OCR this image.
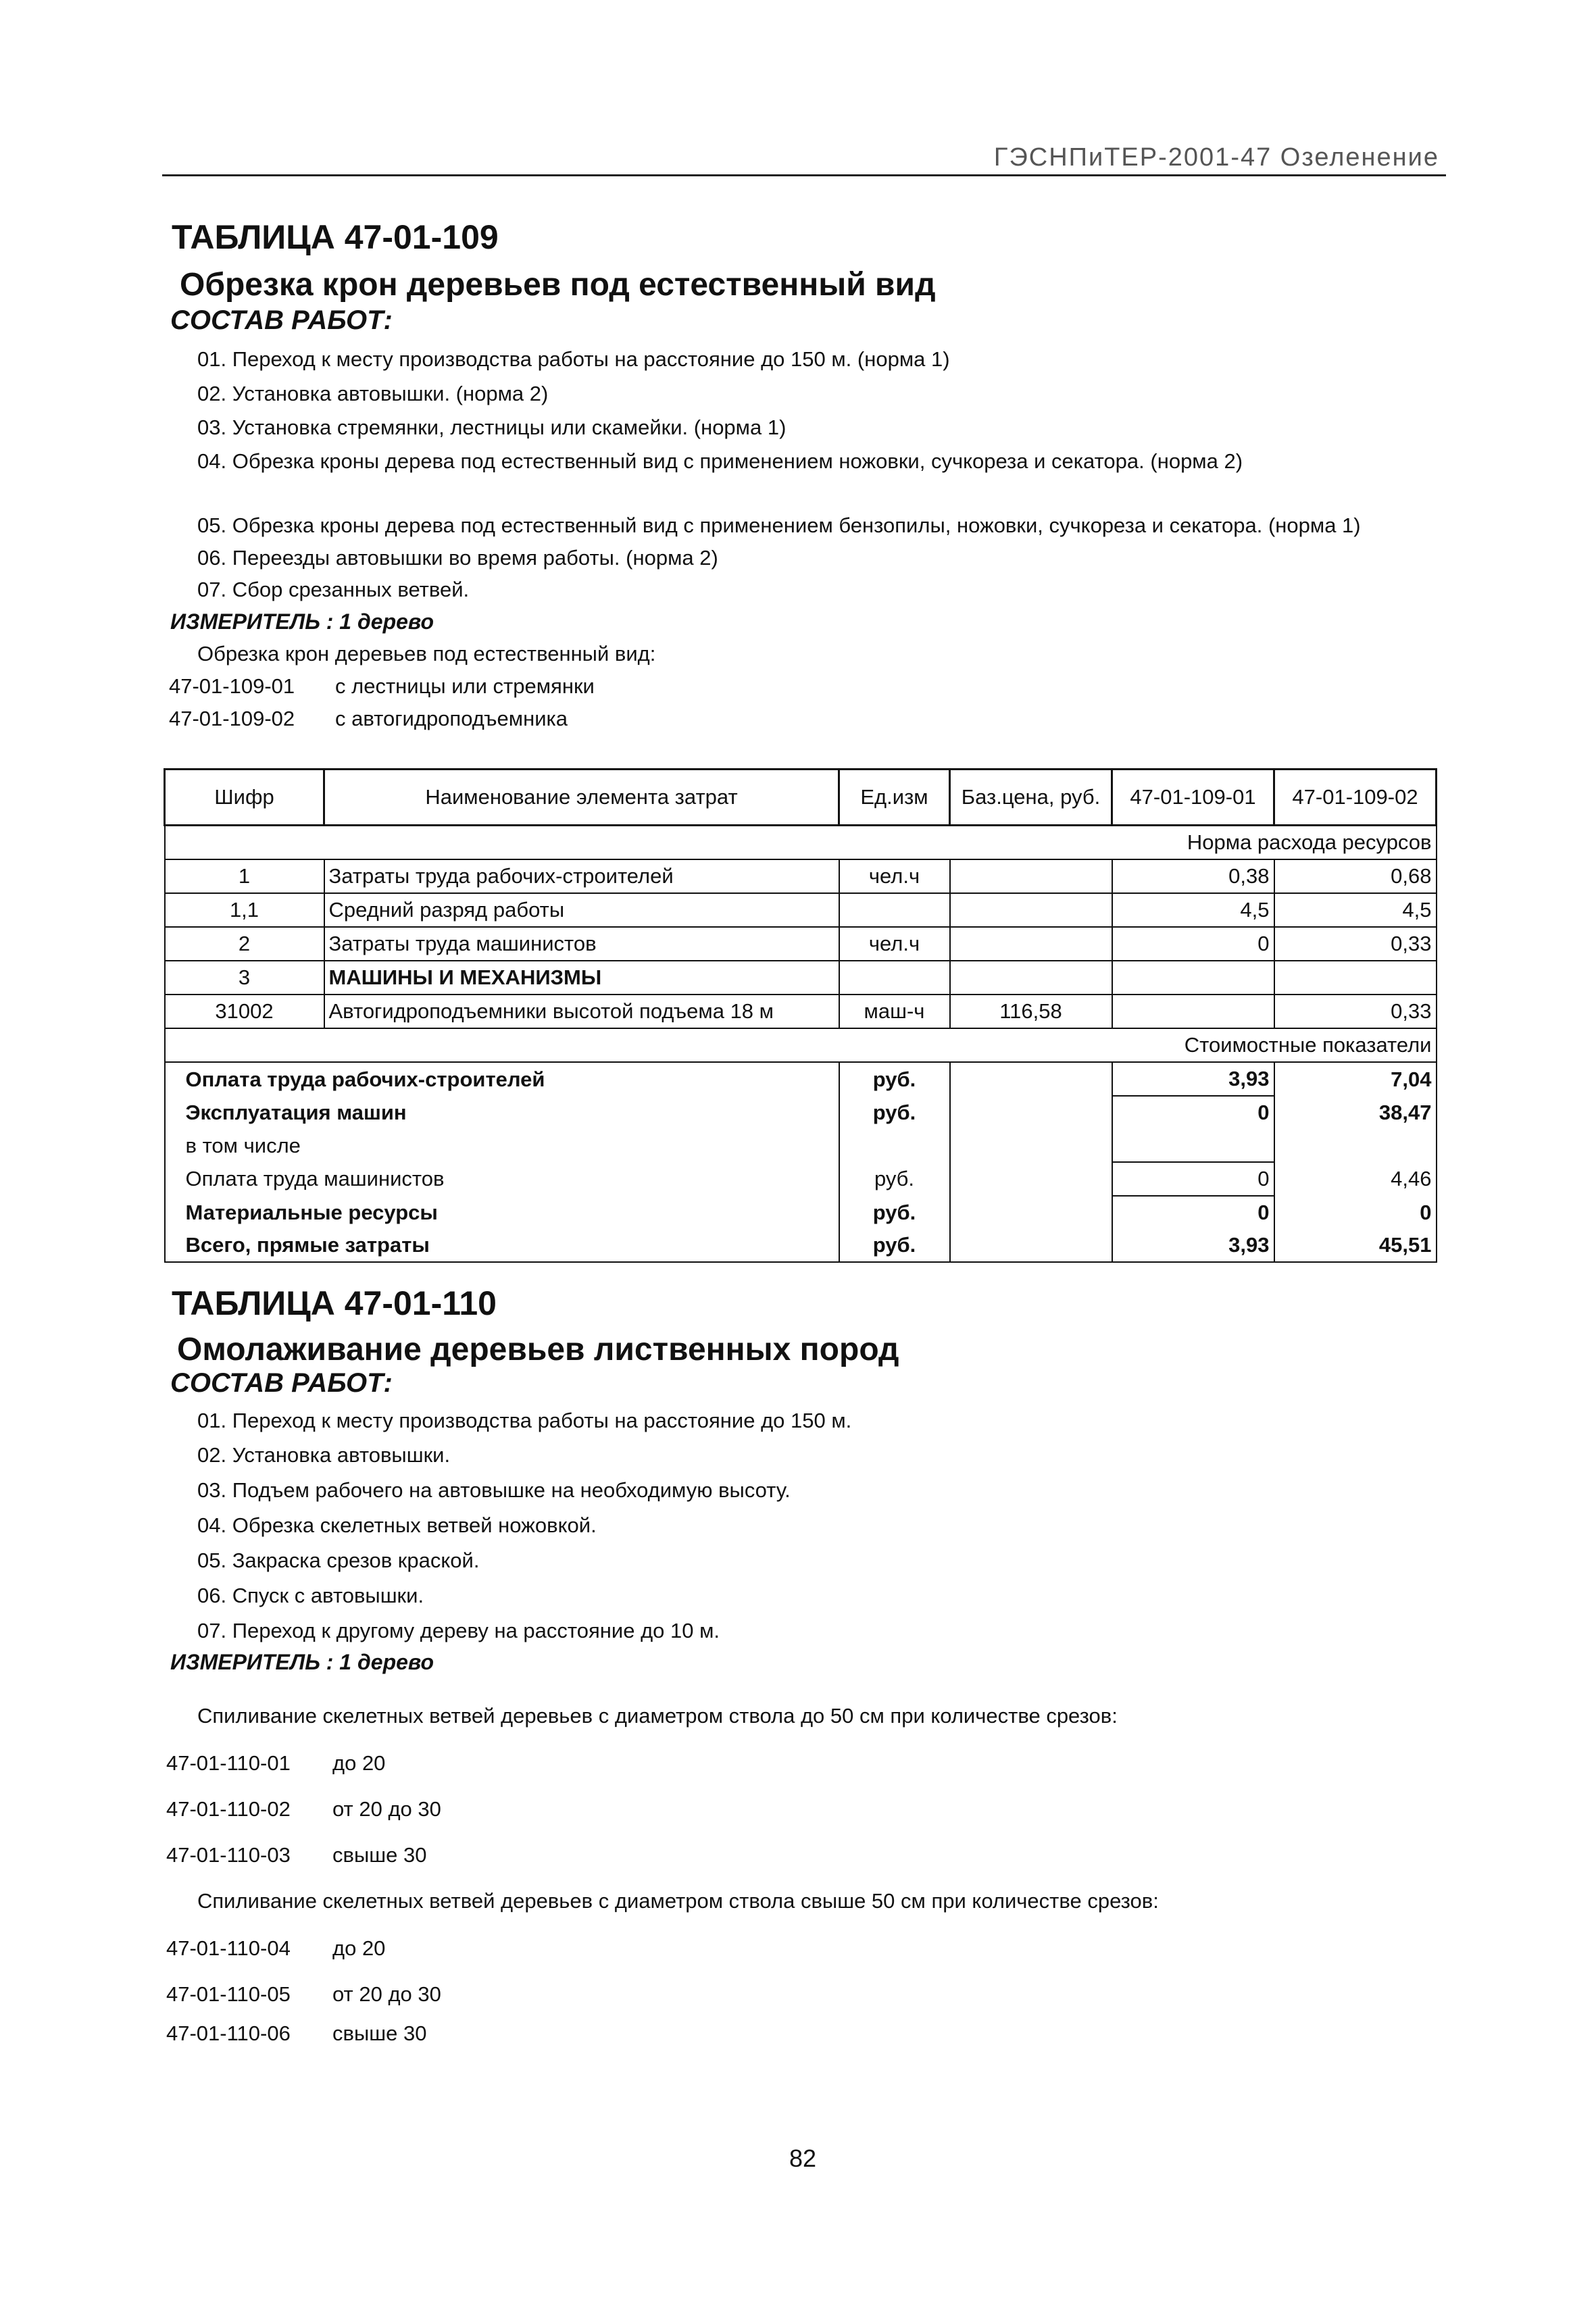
ГЭСНПиТЕР-2001-47 Озеленение
ТАБЛИЦА 47-01-109
Обрезка крон деревьев под естественный вид
СОСТАВ РАБОТ:
01. Переход к месту производства работы на расстояние до 150 м. (норма 1)
02. Установка автовышки. (норма 2)
03. Установка стремянки, лестницы или скамейки. (норма 1)
04. Обрезка кроны дерева под естественный вид с применением ножовки, сучкореза и секатора. (норма 2)
05. Обрезка кроны дерева под естественный вид с применением бензопилы, ножовки, сучкореза и секатора. (норма 1)
06. Переезды автовышки во время работы. (норма 2)
07. Сбор срезанных ветвей.
ИЗМЕРИТЕЛЬ : 1 дерево
Обрезка крон деревьев под естественный вид:
47-01-109-01 с лестницы или стремянки
47-01-109-02 с автогидроподъемника
Шифр	Наименование элемента затрат	Ед.изм	Баз.цена, руб.	47-01-109-01	47-01-109-02
Норма расхода ресурсов					
1	Затраты труда рабочих-строителей	чел.ч		0,38	0,68
1,1	Средний разряд работы			4,5	4,5
2	Затраты труда машинистов	чел.ч		0	0,33
3	МАШИНЫ И МЕХАНИЗМЫ				
31002	Автогидроподъемники высотой подъема 18 м	маш-ч	116,58		0,33
Стоимостные показатели					
Оплата труда рабочих-строителей		руб.		3,93	7,04
Эксплуатация машин		руб.		0	38,47
в том числе					
Оплата труда машинистов		руб.		0	4,46
Материальные ресурсы		руб.		0	0
Всего, прямые затраты		руб.		3,93	45,51
ТАБЛИЦА 47-01-110
Омолаживание деревьев лиственных пород
СОСТАВ РАБОТ:
01. Переход к месту производства работы на расстояние до 150 м.
02. Установка автовышки.
03. Подъем рабочего на автовышке на необходимую высоту.
04. Обрезка скелетных ветвей ножовкой.
05. Закраска срезов краской.
06. Спуск с автовышки.
07. Переход к другому дереву на расстояние до 10 м.
ИЗМЕРИТЕЛЬ : 1 дерево
Спиливание скелетных ветвей деревьев с диаметром ствола до 50 см при количестве срезов:
47-01-110-01 до 20
47-01-110-02 от 20 до 30
47-01-110-03 свыше 30
Спиливание скелетных ветвей деревьев с диаметром ствола свыше 50 см при количестве срезов:
47-01-110-04 до 20
47-01-110-05 от 20 до 30
47-01-110-06 свыше 30
82
